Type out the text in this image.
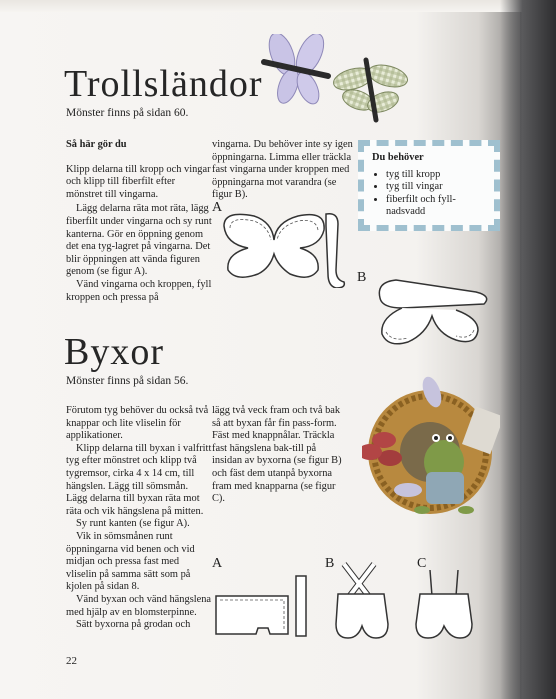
Trollsländor
Mönster finns på sidan 60.
Så här gör du

Klipp delarna till kropp och vingar och klipp till fiberfilt efter mönstret till vingarna.

Lägg delarna räta mot räta, lägg fiberfilt under vingarna och sy runt kanterna. Gör en öppning genom det ena tyg-lagret på vingarna. Det blir öppningen att vända figuren genom (se figur A).

Vänd vingarna och kroppen, fyll kroppen och pressa på

vingarna. Du behöver inte sy igen öppningarna. Limma eller träckla fast vingarna under kroppen med öppningarna mot varandra (se figur B).

Du behöver
• tyg till kropp
• tyg till vingar
• fiberfilt och fyll-nadsvadd
A
B
Byxor
Mönster finns på sidan 56.

Förutom tyg behöver du också två knappar och lite vliselin för applikationer.

Klipp delarna till byxan i valfritt tyg efter mönstret och klipp två tygremsor, cirka 4 x 14 cm, till hängslen. Lägg till sömsmån. Lägg delarna till byxan räta mot räta och vik hängslena på mitten.

Sy runt kanten (se figur A).

Vik in sömsmånen runt öppningarna vid benen och vid midjan och pressa fast med vliselin på samma sätt som på kjolen på sidan 8.

Vänd byxan och vänd hängslena med hjälp av en blomsterpinne.

Sätt byxorna på grodan och

lägg två veck fram och två bak så att byxan får fin pass-form. Fäst med knappnålar. Träckla fast hängslena bak-till på insidan av byxorna (se figur B) och fäst dem utanpå byxorna fram med knapparna (se figur C).

A	B	C
22
